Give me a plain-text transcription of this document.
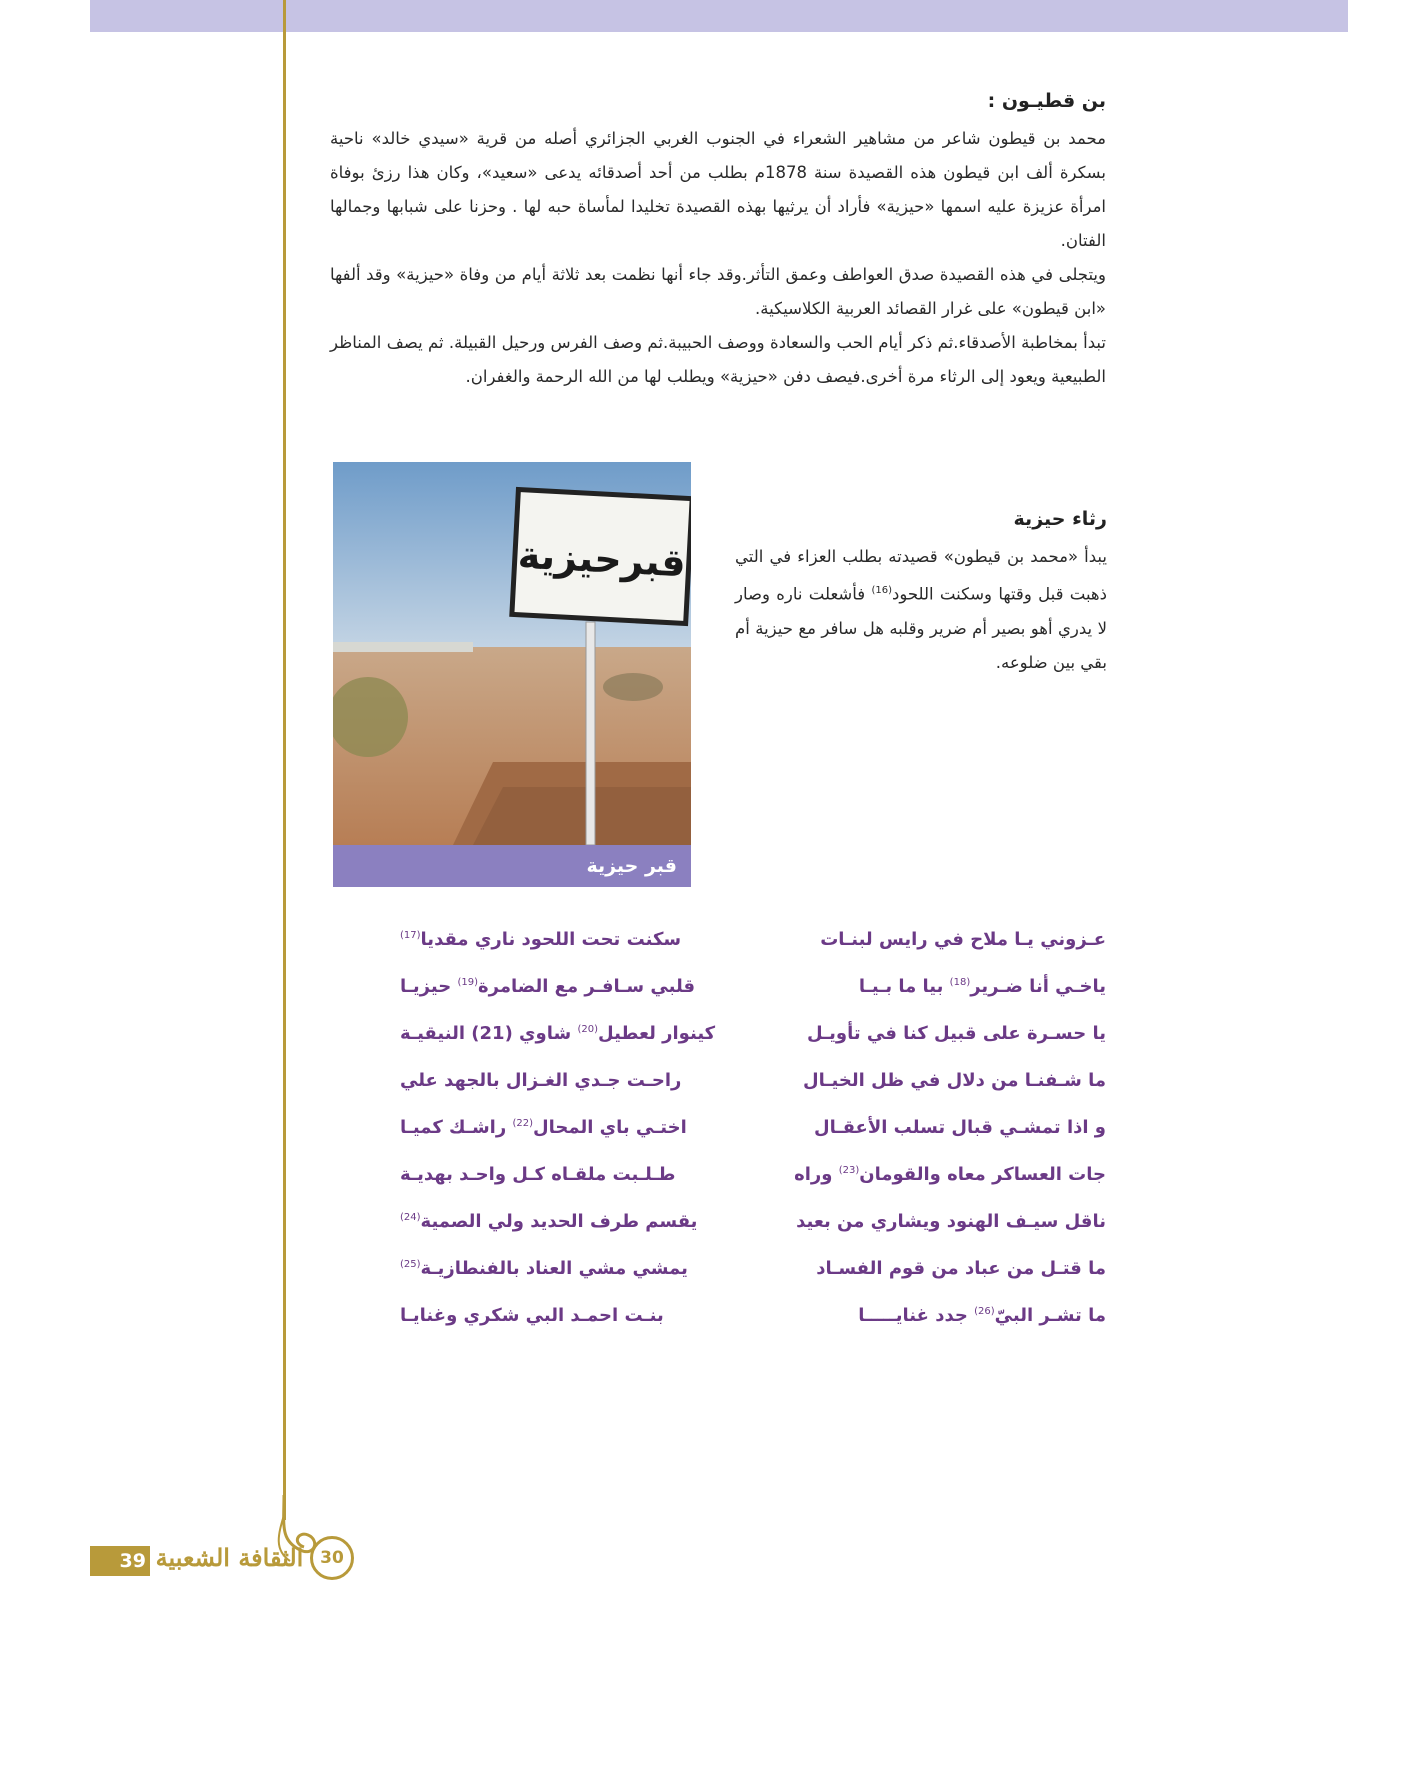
بن قطيـون :

محمد بن قيطون شاعر من مشاهير الشعراء في الجنوب الغربي الجزائري أصله من قرية «سيدي خالد» ناحية بسكرة ألف ابن قيطون هذه القصيدة سنة 1878م بطلب من أحد أصدقائه يدعى «سعيد»، وكان هذا رزئ بوفاة امرأة عزيزة عليه اسمها «حيزية» فأراد أن يرثيها بهذه القصيدة تخليدا لمأساة حبه لها . وحزنا على شبابها وجمالها الفتان.

ويتجلى في هذه القصيدة صدق العواطف وعمق التأثر.وقد جاء أنها نظمت بعد ثلاثة أيام من وفاة «حيزية» وقد ألفها «ابن قيطون» على غرار القصائد العربية الكلاسيكية.

تبدأ بمخاطبة الأصدقاء.ثم ذكر أيام الحب والسعادة ووصف الحبيبة.ثم وصف الفرس ورحيل القبيلة. ثم يصف المناظر الطبيعية ويعود إلى الرثاء مرة أخرى.فيصف دفن «حيزية» ويطلب لها من الله الرحمة والغفران.

قبرحيزية
قبر حيزية
رثاء حيزية

يبدأ «محمد بن قيطون» قصيدته بطلب العزاء في التي ذهبت قبل وقتها وسكنت اللحود$^{(16)}$ فأشعلت ناره وصار لا يدري أهو بصير أم ضرير وقلبه هل سافر مع حيزية أم بقي بين ضلوعه.

عـزوني يـا ملاح في رايس لبنـات
سكنت تحت اللحود ناري مقديا$^{(17)}$
ياخـي أنا ضـرير$^{(18)}$ بيا ما بـيـا
قلبي سـافـر مع الضامرة$^{(19)}$ حيزيـا
يا حسـرة على قبيل كنا في تأويـل
كينوار لعطيل$^{(20)}$ شاوي (21) النيقيـة
ما شـفنـا من دلال في ظل الخيـال
راحـت جـدي الغـزال بالجهد علي
و اذا تمشـي قبال تسلب الأعقـال
اختـي باي المحال$^{(22)}$ راشـك كميـا
جات العساكر معاه والقومان$^{(23)}$ وراه
طـلـبت ملقـاه كـل واحـد بهديـة
ناقل سيـف الهنود ويشاري من بعيد
يقسم طرف الحديد ولي الصمية$^{(24)}$
ما قتـل من عباد من قوم الفسـاد
يمشي مشي العناد بالفنطازيـة$^{(25)}$
ما تشـر البيّ$^{(26)}$ جدد غنايـــــا
بنـت احمـد البي شكري وغنايـا
39 الثقافة الشعبية 30
